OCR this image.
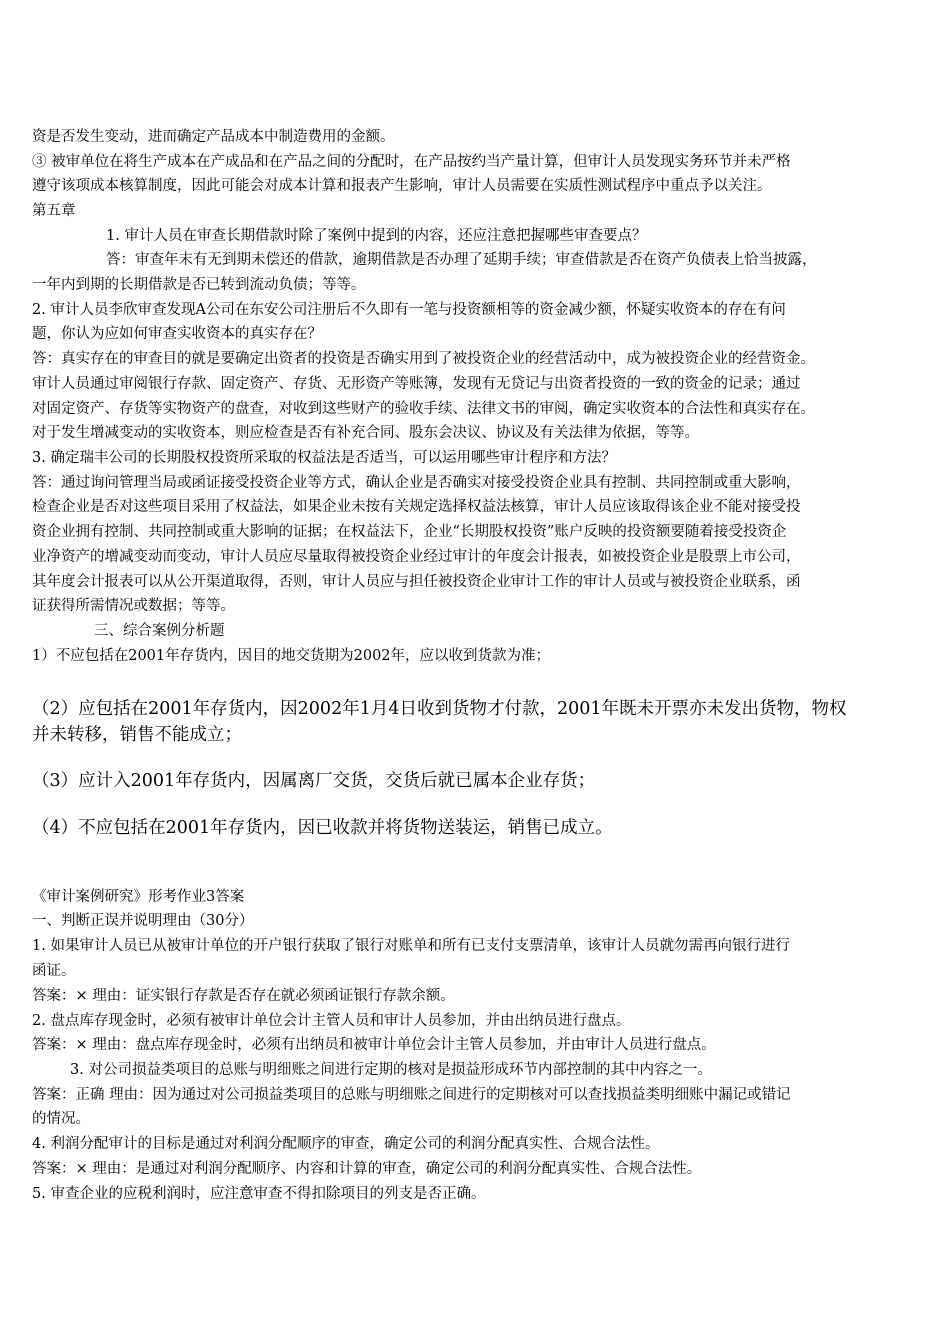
资是否发生变动，进而确定产品成本中制造费用的金额。

③ 被审单位在将生产成本在产成品和在产品之间的分配时，在产品按约当产量计算，但审计人员发现实务环节并未严格

遵守该项成本核算制度，因此可能会对成本计算和报表产生影响，审计人员需要在实质性测试程序中重点予以关注。

第五章

1. 审计人员在审查长期借款时除了案例中提到的内容，还应注意把握哪些审查要点？

答：审查年末有无到期未偿还的借款，逾期借款是否办理了延期手续；审查借款是否在资产负债表上恰当披露，

一年内到期的长期借款是否已转到流动负债；等等。

2. 审计人员李欣审查发现A公司在东安公司注册后不久即有一笔与投资额相等的资金减少额，怀疑实收资本的存在有问

题，你认为应如何审查实收资本的真实存在？

答：真实存在的审查目的就是要确定出资者的投资是否确实用到了被投资企业的经营活动中，成为被投资企业的经营资金。

审计人员通过审阅银行存款、固定资产、存货、无形资产等账簿，发现有无贷记与出资者投资的一致的资金的记录；通过

对固定资产、存货等实物资产的盘查，对收到这些财产的验收手续、法律文书的审阅，确定实收资本的合法性和真实存在。

对于发生增减变动的实收资本，则应检查是否有补充合同、股东会决议、协议及有关法律为依据，等等。

3. 确定瑞丰公司的长期股权投资所采取的权益法是否适当，可以运用哪些审计程序和方法？

答：通过询问管理当局或函证接受投资企业等方式，确认企业是否确实对接受投资企业具有控制、共同控制或重大影响，

检查企业是否对这些项目采用了权益法，如果企业未按有关规定选择权益法核算，审计人员应该取得该企业不能对接受投

资企业拥有控制、共同控制或重大影响的证据；在权益法下，企业“长期股权投资”账户反映的投资额要随着接受投资企

业净资产的增减变动而变动，审计人员应尽量取得被投资企业经过审计的年度会计报表，如被投资企业是股票上市公司，

其年度会计报表可以从公开渠道取得，否则，审计人员应与担任被投资企业审计工作的审计人员或与被投资企业联系，函

证获得所需情况或数据；等等。

三、综合案例分析题

1）不应包括在2001年存货内，因目的地交货期为2002年，应以收到货款为准；

（2）应包括在2001年存货内，因2002年1月4日收到货物才付款，2001年既未开票亦未发出货物，物权

并未转移，销售不能成立；

（3）应计入2001年存货内，因属离厂交货，交货后就已属本企业存货；

（4）不应包括在2001年存货内，因已收款并将货物送装运，销售已成立。

《审计案例研究》形考作业3答案

一、判断正误并说明理由（30分）

1. 如果审计人员已从被审计单位的开户银行获取了银行对账单和所有已支付支票清单，该审计人员就勿需再向银行进行

函证。

答案：× 理由：证实银行存款是否存在就必须函证银行存款余额。

2. 盘点库存现金时，必须有被审计单位会计主管人员和审计人员参加，并由出纳员进行盘点。

答案：× 理由：盘点库存现金时，必须有出纳员和被审计单位会计主管人员参加，并由审计人员进行盘点。

3. 对公司损益类项目的总账与明细账之间进行定期的核对是损益形成环节内部控制的其中内容之一。

答案：正确 理由：因为通过对公司损益类项目的总账与明细账之间进行的定期核对可以查找损益类明细账中漏记或错记

的情况。

4. 利润分配审计的目标是通过对利润分配顺序的审查，确定公司的利润分配真实性、合规合法性。

答案：× 理由：是通过对利润分配顺序、内容和计算的审查，确定公司的利润分配真实性、合规合法性。

5. 审查企业的应税利润时，应注意审查不得扣除项目的列支是否正确。
